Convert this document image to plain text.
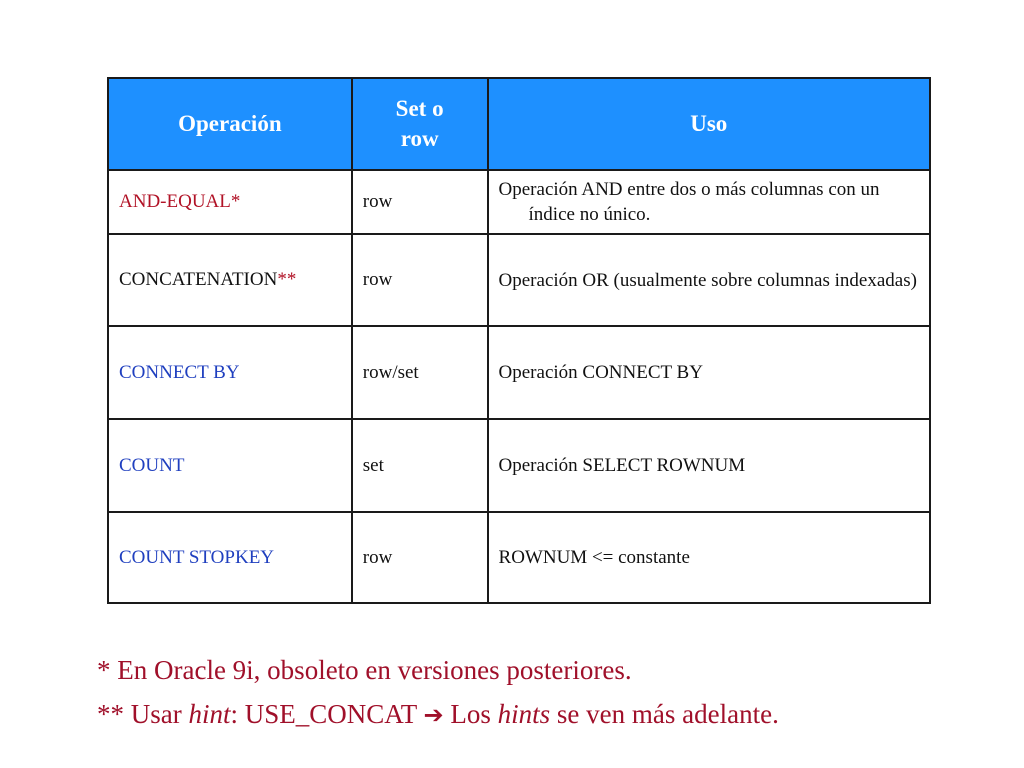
Operación	Set o row	Uso
AND-EQUAL*	row	Operación AND entre dos o más columnas con un índice no único.

CONCATENATION**	row	Operación OR (usualmente sobre columnas indexadas)

CONNECT BY	row/set	Operación CONNECT BY

COUNT	set	Operación SELECT ROWNUM

COUNT STOPKEY	row	ROWNUM <= constante

* En Oracle 9i, obsoleto en versiones posteriores.

** Usar hint: USE_CONCAT ➔ Los hints se ven más adelante.
